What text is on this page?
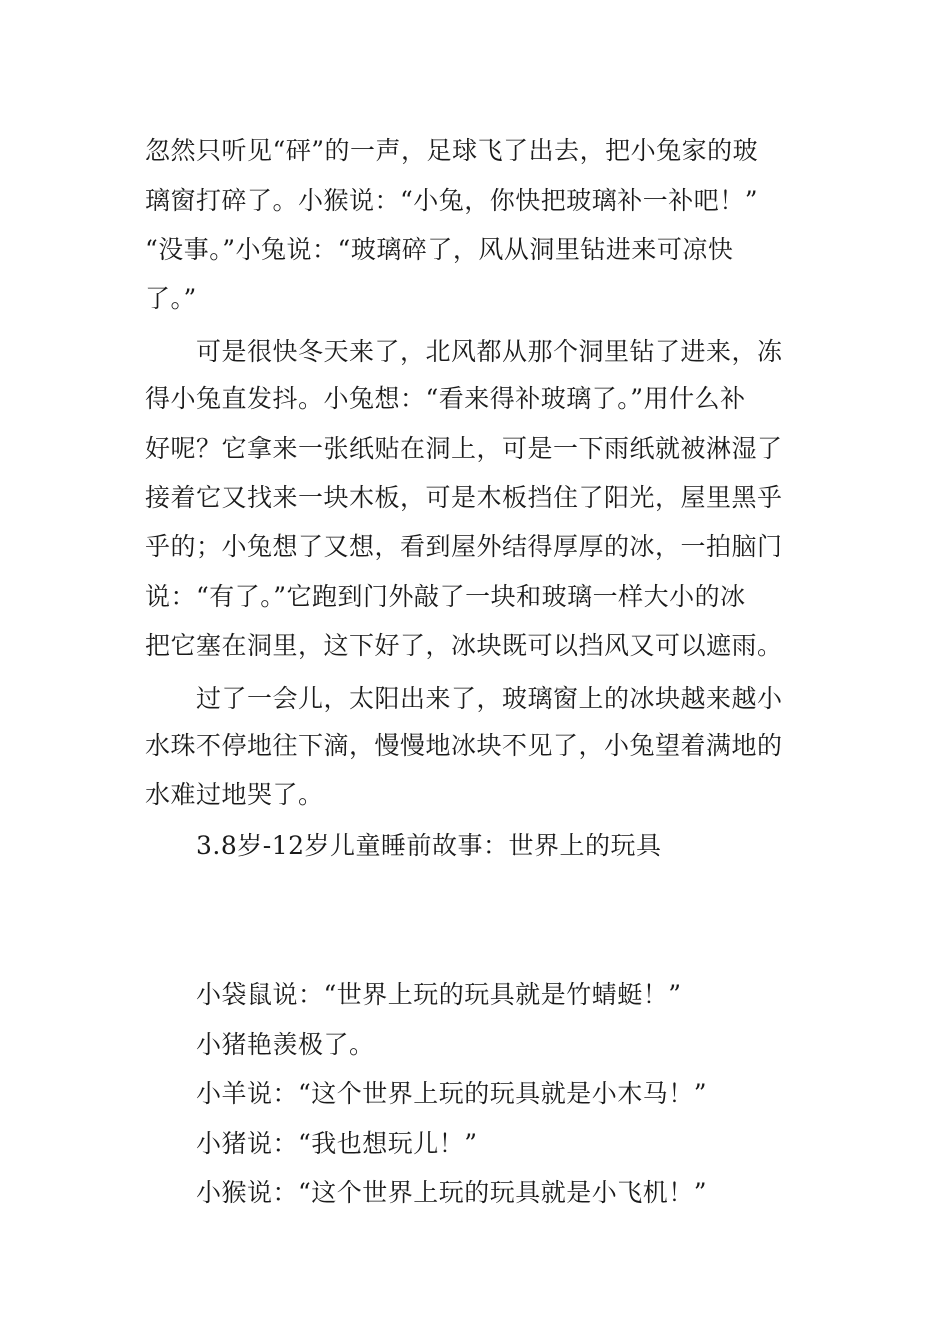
忽然只听见“砰”的一声，足球飞了出去，把小兔家的玻
璃窗打碎了。小猴说：“小兔，你快把玻璃补一补吧！”
“没事。”小兔说：“玻璃碎了，风从洞里钻进来可凉快
了。”
可是很快冬天来了，北风都从那个洞里钻了进来，冻
得小兔直发抖。小兔想：“看来得补玻璃了。”用什么补
好呢？它拿来一张纸贴在洞上，可是一下雨纸就被淋湿了
接着它又找来一块木板，可是木板挡住了阳光，屋里黑乎
乎的；小兔想了又想，看到屋外结得厚厚的冰，一拍脑门
说：“有了。”它跑到门外敲了一块和玻璃一样大小的冰
把它塞在洞里，这下好了，冰块既可以挡风又可以遮雨。
过了一会儿，太阳出来了，玻璃窗上的冰块越来越小
水珠不停地往下滴，慢慢地冰块不见了，小兔望着满地的
水难过地哭了。
3.8岁-12岁儿童睡前故事：世界上的玩具
小袋鼠说：“世界上玩的玩具就是竹蜻蜓！”
小猪艳羡极了。
小羊说：“这个世界上玩的玩具就是小木马！”
小猪说：“我也想玩儿！”
小猴说：“这个世界上玩的玩具就是小飞机！”
